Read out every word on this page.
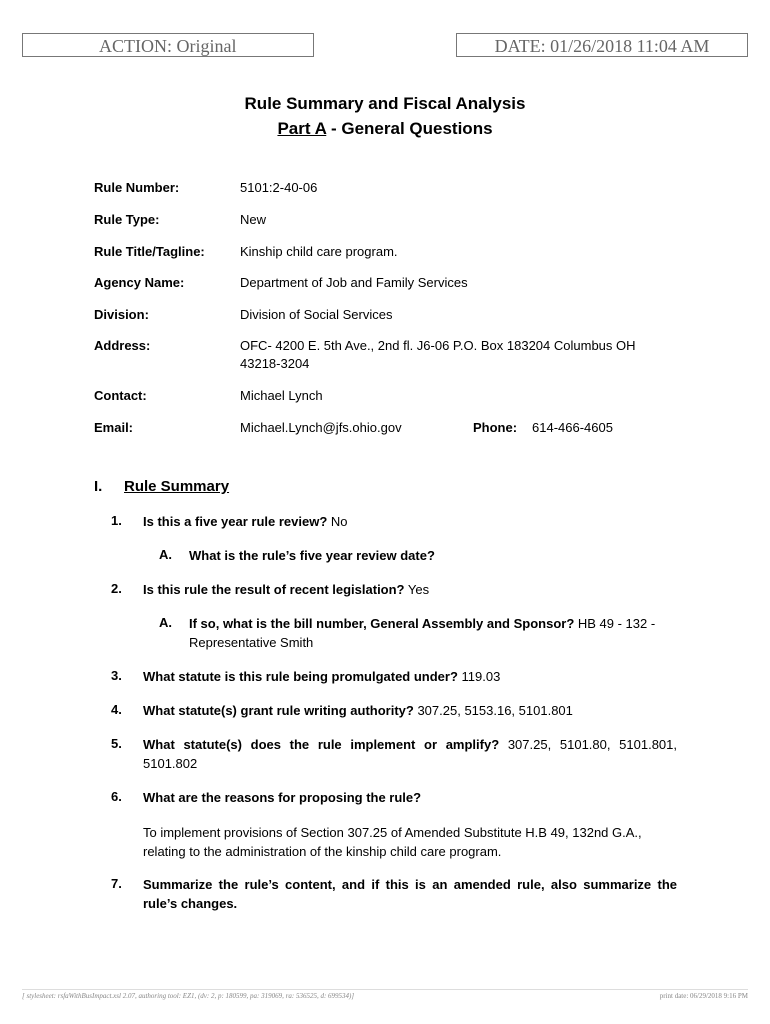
ACTION: Original	DATE: 01/26/2018 11:04 AM
Rule Summary and Fiscal Analysis
Part A - General Questions
Rule Number:	5101:2-40-06
Rule Type:	New
Rule Title/Tagline:	Kinship child care program.
Agency Name:	Department of Job and Family Services
Division:	Division of Social Services
Address:	OFC- 4200 E. 5th Ave., 2nd fl. J6-06 P.O. Box 183204 Columbus OH
43218-3204
Contact:	Michael Lynch
Email:	Michael.Lynch@jfs.ohio.gov	Phone: 614-466-4605
I. Rule Summary
1. Is this a five year rule review? No
A. What is the rule’s five year review date?
2. Is this rule the result of recent legislation? Yes
A. If so, what is the bill number, General Assembly and Sponsor? HB 49 - 132 - Representative Smith
3. What statute is this rule being promulgated under? 119.03
4. What statute(s) grant rule writing authority? 307.25, 5153.16, 5101.801
5. What statute(s) does the rule implement or amplify? 307.25, 5101.80, 5101.801, 5101.802
6. What are the reasons for proposing the rule?
To implement provisions of Section 307.25 of Amended Substitute H.B 49, 132nd G.A., relating to the administration of the kinship child care program.
7. Summarize the rule’s content, and if this is an amended rule, also summarize the rule’s changes.
[ stylesheet: rsfaWithBusImpact.xsl 2.07, authoring tool: EZ1, (dv: 2, p: 180599, pa: 319069, ra: 536525, d: 699534)]	print date: 06/29/2018 9:16 PM
